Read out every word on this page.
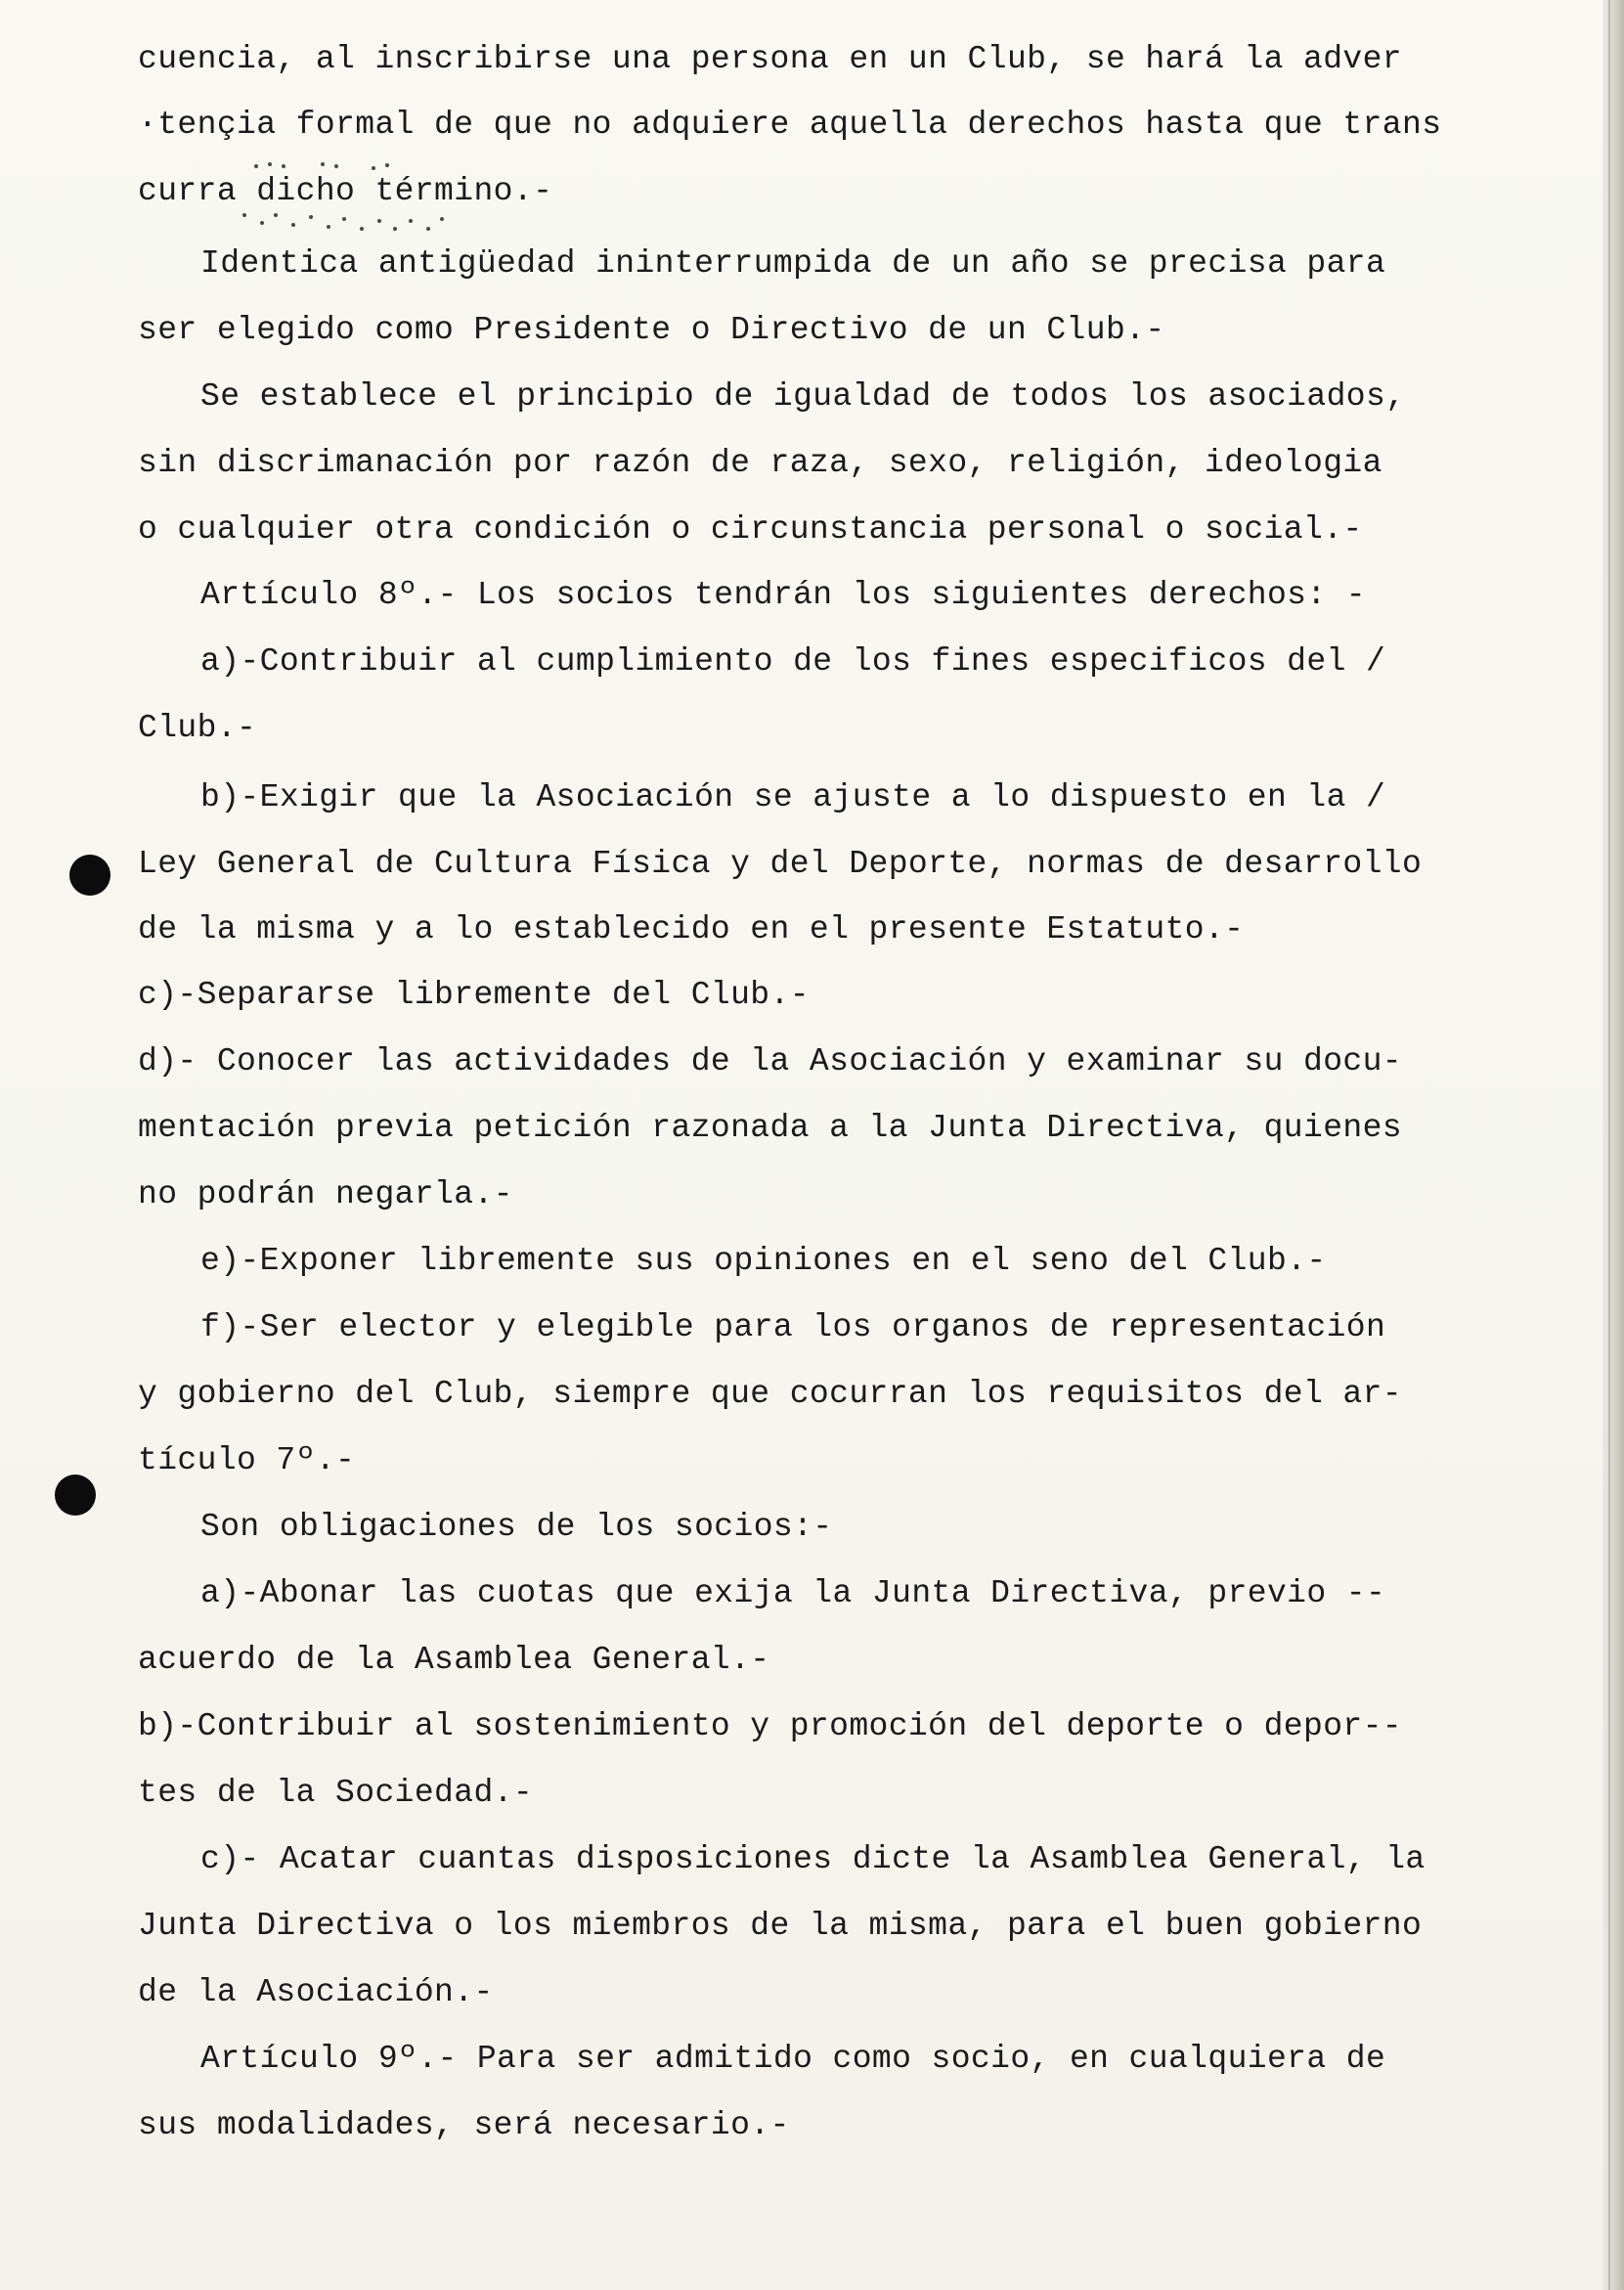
cuencia, al inscribirse una persona en un Club, se hará la adver
·tençia formal de que no adquiere aquella derechos hasta que trans
curra dicho término.-
Identica antigüedad ininterrumpida de un año se precisa para
ser elegido como Presidente o Directivo de un Club.-
Se establece el principio de igualdad de todos los asociados,
sin discrimanación por razón de raza, sexo, religión, ideologia
o cualquier otra condición o circunstancia personal o social.-
Artículo 8º.- Los socios tendrán los siguientes derechos: -
a)-Contribuir al cumplimiento de los fines especificos del /
Club.-
b)-Exigir que la Asociación se ajuste a lo dispuesto en la /
Ley General de Cultura Física y del Deporte, normas de desarrollo
de la misma y a lo establecido en el presente Estatuto.-
c)-Separarse libremente del Club.-
d)- Conocer las actividades de la Asociación y examinar su docu-
mentación previa petición razonada a la Junta Directiva, quienes
no podrán negarla.-
e)-Exponer libremente sus opiniones en el seno del Club.-
f)-Ser elector y elegible para los organos de representación
y gobierno del Club, siempre que cocurran los requisitos del ar-
tículo 7º.-
Son obligaciones de los socios:-
a)-Abonar las cuotas que exija la Junta Directiva, previo --
acuerdo de la Asamblea General.-
b)-Contribuir al sostenimiento y promoción del deporte o depor--
tes de la Sociedad.-
c)- Acatar cuantas disposiciones dicte la Asamblea General, la
Junta Directiva o los miembros de la misma, para el buen gobierno
de la Asociación.-
Artículo 9º.- Para ser admitido como socio, en cualquiera de
sus modalidades, será necesario.-
